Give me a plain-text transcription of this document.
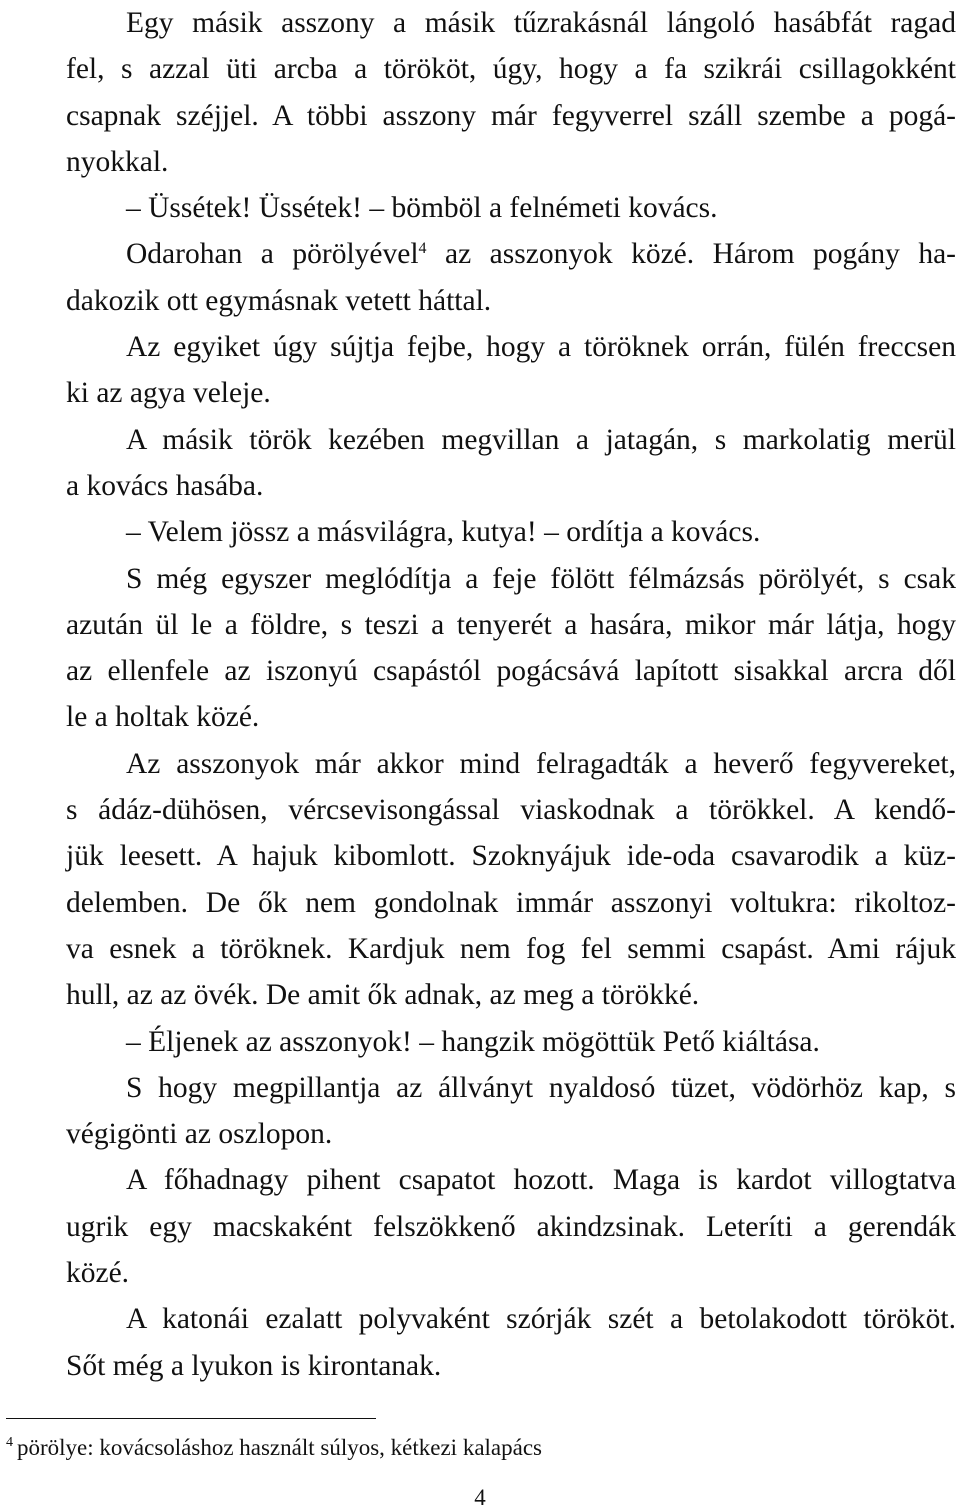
Egy másik asszony a másik tűzrakásnál lángoló hasábfát ragad
fel, s azzal üti arcba a törököt, úgy, hogy a fa szikrái csillagokként
csapnak széjjel. A többi asszony már fegyverrel száll szembe a pogá-
nyokkal.

– Üssétek! Üssétek! – bömböl a felnémeti kovács.

Odarohan a pörölyével$^4$ az asszonyok közé. Három pogány ha-
dakozik ott egymásnak vetett háttal.

Az egyiket úgy sújtja fejbe, hogy a töröknek orrán, fülén freccsen
ki az agya veleje.

A másik török kezében megvillan a jatagán, s markolatig merül
a kovács hasába.

– Velem jössz a másvilágra, kutya! – ordítja a kovács.

S még egyszer meglódítja a feje fölött félmázsás pörölyét, s csak
azután ül le a földre, s teszi a tenyerét a hasára, mikor már látja, hogy
az ellenfele az iszonyú csapástól pogácsává lapított sisakkal arcra dől
le a holtak közé.

Az asszonyok már akkor mind felragadták a heverő fegyvereket,
s ádáz-dühösen, vércsevisongással viaskodnak a törökkel. A kendő-
jük leesett. A hajuk kibomlott. Szoknyájuk ide-oda csavarodik a küz-
delemben. De ők nem gondolnak immár asszonyi voltukra: rikoltoz-
va esnek a töröknek. Kardjuk nem fog fel semmi csapást. Ami rájuk
hull, az az övék. De amit ők adnak, az meg a törökké.

– Éljenek az asszonyok! – hangzik mögöttük Pető kiáltása.

S hogy megpillantja az állványt nyaldosó tüzet, vödörhöz kap, s
végigönti az oszlopon.

A főhadnagy pihent csapatot hozott. Maga is kardot villogtatva
ugrik egy macskaként felszökkenő akindzsinak. Leteríti a gerendák
közé.

A katonái ezalatt polyvaként szórják szét a betolakodott törököt.
Sőt még a lyukon is kirontanak.

$^4$ pörölye: kovácsoláshoz használt súlyos, kétkezi kalapács
4
